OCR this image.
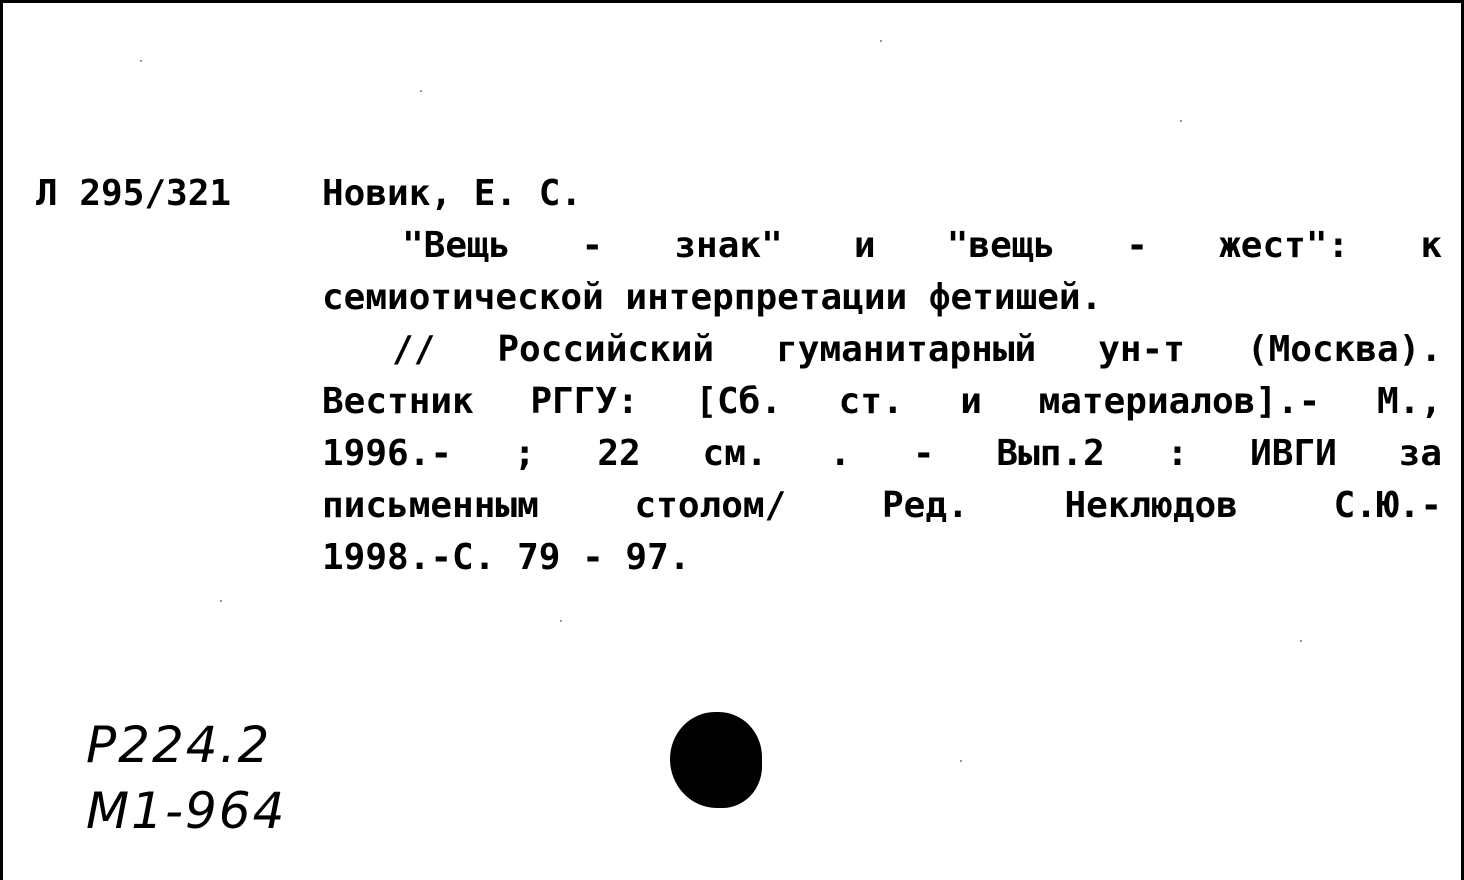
Л 295/321	Новик, Е. С.
"Вещь - знак" и "вещь - жест": к
семиотической интерпретации фетишей.
// Российский гуманитарный ун-т (Москва).
Вестник РГГУ: [Сб. ст. и материалов].- М.,
1996.- ; 22 см. . - Вып.2 : ИВГИ за
письменным столом/ Ред. Неклюдов С.Ю.-
1998.-С. 79 - 97.
Р224.2
М1-964
